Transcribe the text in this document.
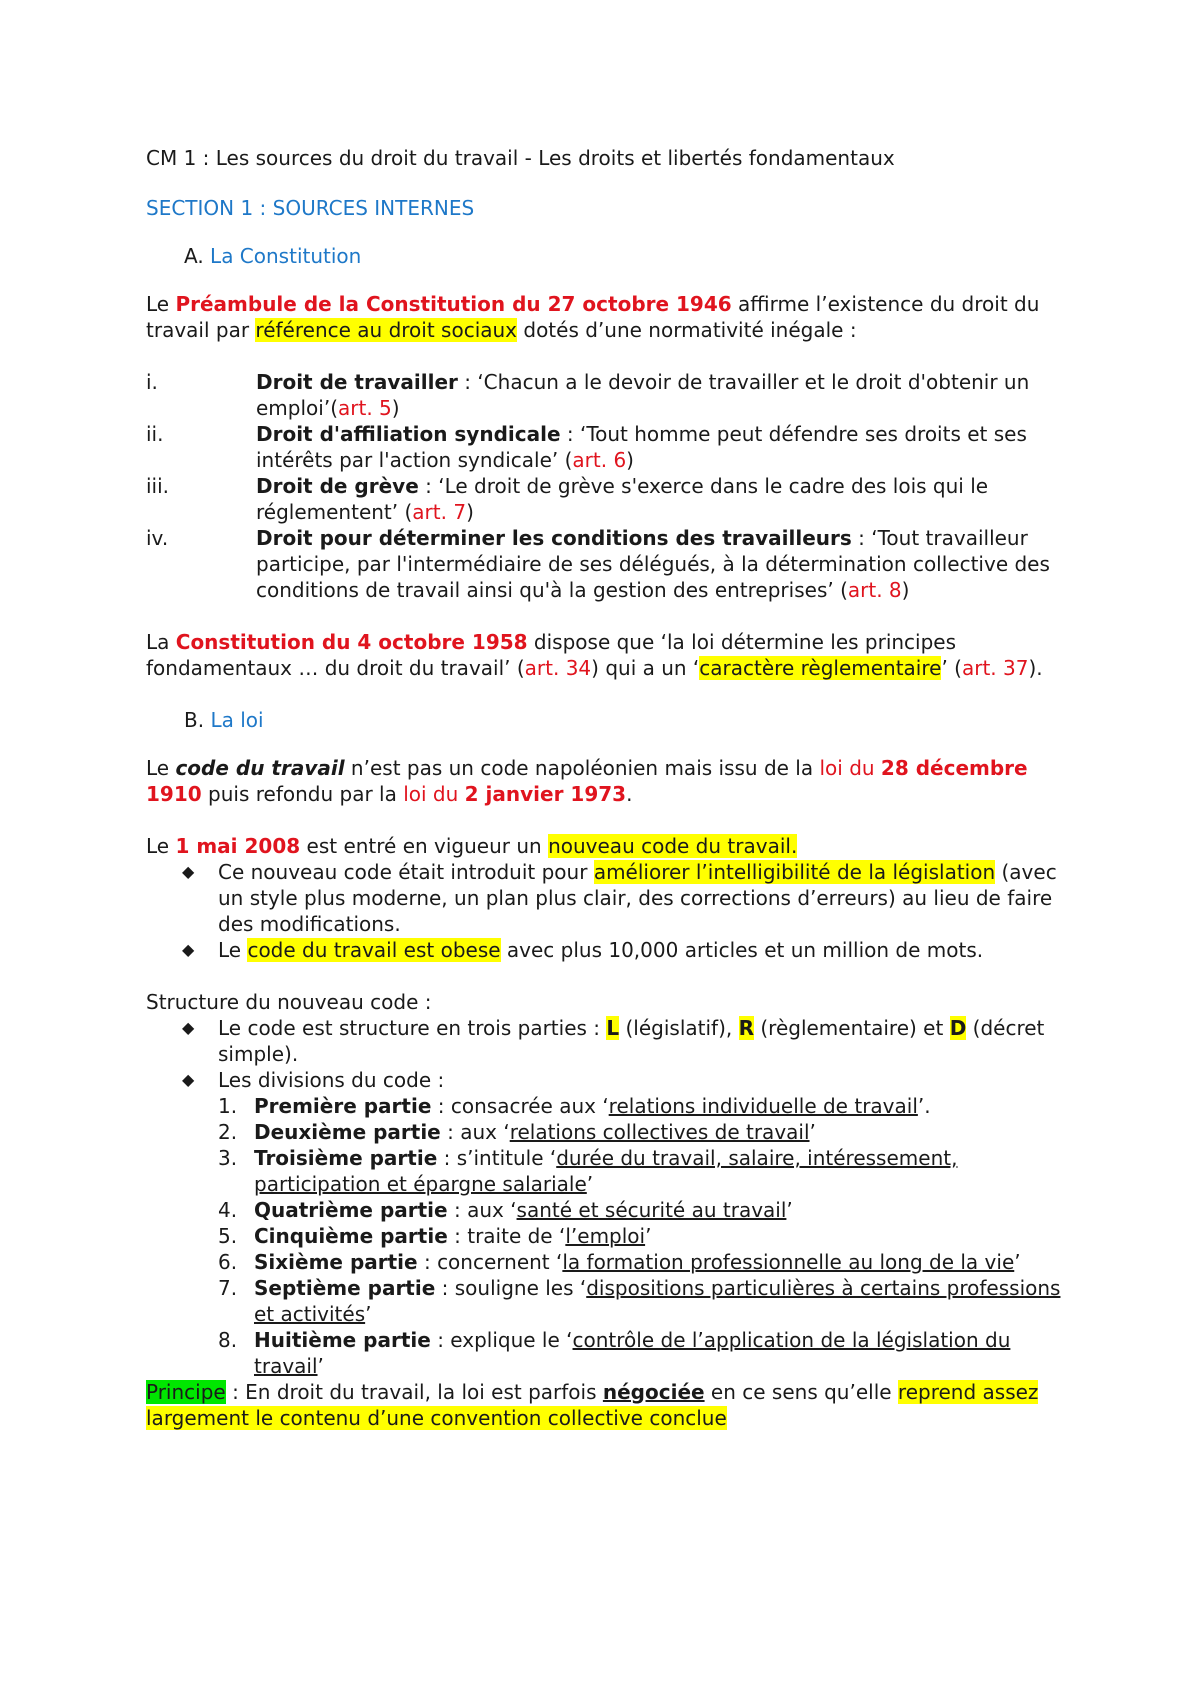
CM 1 : Les sources du droit du travail - Les droits et libertés fondamentaux

SECTION 1 : SOURCES INTERNES

A. La Constitution

Le Préambule de la Constitution du 27 octobre 1946 affirme l’existence du droit du travail par référence au droit sociaux dotés d’une normativité inégale :

i.	Droit de travailler : ‘Chacun a le devoir de travailler et le droit d'obtenir un emploi’(art. 5)
ii.	Droit d'affiliation syndicale : ‘Tout homme peut défendre ses droits et ses intérêts par l'action syndicale’ (art. 6)
iii.	Droit de grève : ‘Le droit de grève s'exerce dans le cadre des lois qui le réglementent’ (art. 7)
iv.	Droit pour déterminer les conditions des travailleurs : ‘Tout travailleur participe, par l'intermédiaire de ses délégués, à la détermination collective des conditions de travail ainsi qu'à la gestion des entreprises’ (art. 8)

La Constitution du 4 octobre 1958 dispose que ‘la loi détermine les principes fondamentaux … du droit du travail’ (art. 34) qui a un ‘caractère règlementaire’ (art. 37).

B. La loi

Le code du travail n’est pas un code napoléonien mais issu de la loi du 28 décembre 1910 puis refondu par la loi du 2 janvier 1973.

Le 1 mai 2008 est entré en vigueur un nouveau code du travail.

◆	Ce nouveau code était introduit pour améliorer l’intelligibilité de la législation (avec un style plus moderne, un plan plus clair, des corrections d’erreurs) au lieu de faire des modifications.
◆	Le code du travail est obese avec plus 10,000 articles et un million de mots.

Structure du nouveau code :

◆	Le code est structure en trois parties : L (législatif), R (règlementaire) et D (décret simple).
◆	Les divisions du code :
1. Première partie : consacrée aux ‘relations individuelle de travail’.
2. Deuxième partie : aux ‘relations collectives de travail’
3. Troisième partie : s’intitule ‘durée du travail, salaire, intéressement, participation et épargne salariale’
4. Quatrième partie : aux ‘santé et sécurité au travail’
5. Cinquième partie : traite de ‘l’emploi’
6. Sixième partie : concernent ‘la formation professionnelle au long de la vie’
7. Septième partie : souligne les ‘dispositions particulières à certains professions et activités’
8. Huitième partie : explique le ‘contrôle de l’application de la législation du travail’

Principe : En droit du travail, la loi est parfois négociée en ce sens qu’elle reprend assez largement le contenu d’une convention collective conclue
